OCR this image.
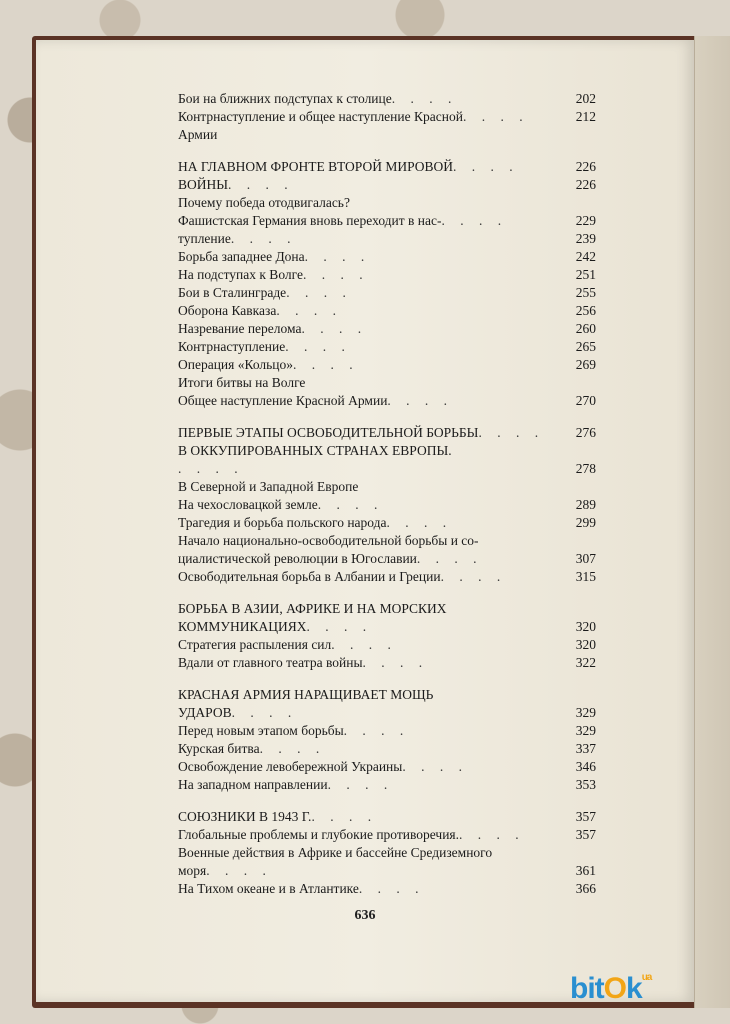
Бои на ближних подступах к столице. . . .	202
Контрнаступление и общее наступление Красной. . . .	212
Армии
НА ГЛАВНОМ ФРОНТЕ ВТОРОЙ МИРОВОЙ. . . .	226
ВОЙНЫ. . . .	226
Почему победа отодвигалась?
Фашистская Германия вновь переходит в нас-. . . .	229
тупление. . . .	239
Борьба западнее Дона. . . .	242
На подступах к Волге. . . .	251
Бои в Сталинграде. . . .	255
Оборона Кавказа. . . .	256
Назревание перелома. . . .	260
Контрнаступление. . . .	265
Операция «Кольцо». . . .	269
Итоги битвы на Волге
Общее наступление Красной Армии. . . .	270
ПЕРВЫЕ ЭТАПЫ ОСВОБОДИТЕЛЬНОЙ БОРЬБЫ. . . . 276
В ОККУПИРОВАННЫХ СТРАНАХ ЕВРОПЫ.
. . . .	278
В Северной и Западной Европе
На чехословацкой земле. . . .	289
Трагедия и борьба польского народа. . . .	299
Начало национально-освободительной борьбы и со-
циалистической революции в Югославии. . . .	307
Освободительная борьба в Албании и Греции. . . .	315
БОРЬБА В АЗИИ, АФРИКЕ И НА МОРСКИХ
КОММУНИКАЦИЯХ. . . .	320
Стратегия распыления сил. . . .	320
Вдали от главного театра войны. . . .	322
КРАСНАЯ АРМИЯ НАРАЩИВАЕТ МОЩЬ
УДАРОВ. . . .	329
Перед новым этапом борьбы. . . .	329
Курская битва. . . .	337
Освобождение левобережной Украины. . . .	346
На западном направлении. . . .	353
СОЮЗНИКИ В 1943 Г.. . . .	357
Глобальные проблемы и глубокие противоречия.. . . .	357
Военные действия в Африке и бассейне Средиземного
моря. . . .	361
На Тихом океане и в Атлантике. . . .	366
636
bitOk$^{ua}$
